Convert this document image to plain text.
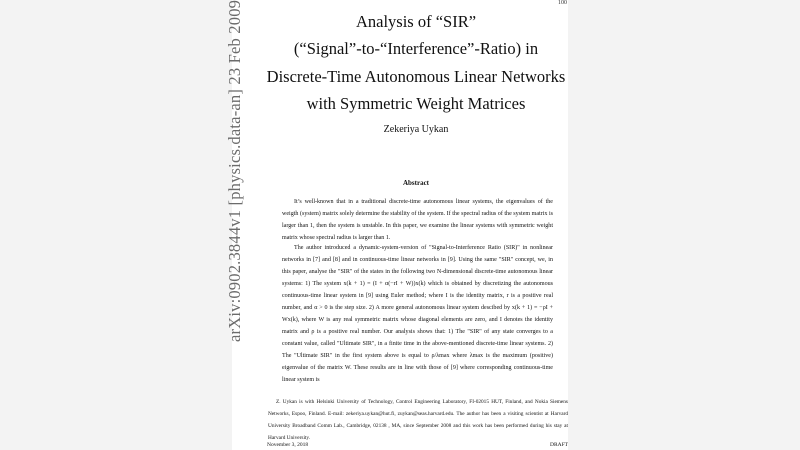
arXiv:0902.3844v1 [physics.data-an] 23 Feb 2009	100
Analysis of “SIR”
(“Signal”-to-“Interference”-Ratio) in
Discrete-Time Autonomous Linear Networks
with Symmetric Weight Matrices
Zekeriya Uykan
Abstract
It’s well-known that in a traditional discrete-time autonomous linear systems, the eigenvalues of the weigth (system) matrix solely determine the stability of the system. If the spectral radius of the system matrix is larger than 1, then the system is unstable. In this paper, we examine the linear systems with symmetric weight matrix whose spectral radius is larger than 1.
The author introduced a dynamic-system-version of "Signal-to-Interference Ratio (SIR)" in nonlinear networks in [7] and [8] and in continuous-time linear networks in [9]. Using the same "SIR" concept, we, in this paper, analyse the "SIR" of the states in the following two N-dimensional discrete-time autonomous linear systems: 1) The system x(k + 1) = (I + α(−rI + W))x(k) which is obtained by discretizing the autonomous continuous-time linear system in [9] using Euler method; where I is the identity matrix, r is a positive real number, and α > 0 is the step size. 2) A more general autonomous linear system descibed by x(k + 1) = −ρI + Wx(k), where W is any real symmetric matrix whose diagonal elements are zero, and I denotes the identity matrix and ρ is a positive real number. Our analysis shows that: 1) The "SIR" of any state converges to a constant value, called "Ultimate SIR", in a finite time in the above-mentioned discrete-time linear systems. 2) The "Ultimate SIR" in the first system above is equal to ρ/λmax where λmax is the maximum (positive) eigenvalue of the matrix W. These results are in line with those of [9] where corresponding continuous-time linear system is
Z. Uykan is with Helsinki University of Technology, Control Engineering Laboratory, FI-02015 HUT, Finland, and Nokia Siemens Networks, Espoo, Finland. E-mail: zekeriya.uykan@hut.fi, zuykan@seas.harvard.edu. The author has been a visiting scientist at Harvard University Broadband Comm Lab., Cambridge, 02138 , MA, since September 2008 and this work has been performed during his stay at Harvard University.
November 3, 2018	DRAFT
